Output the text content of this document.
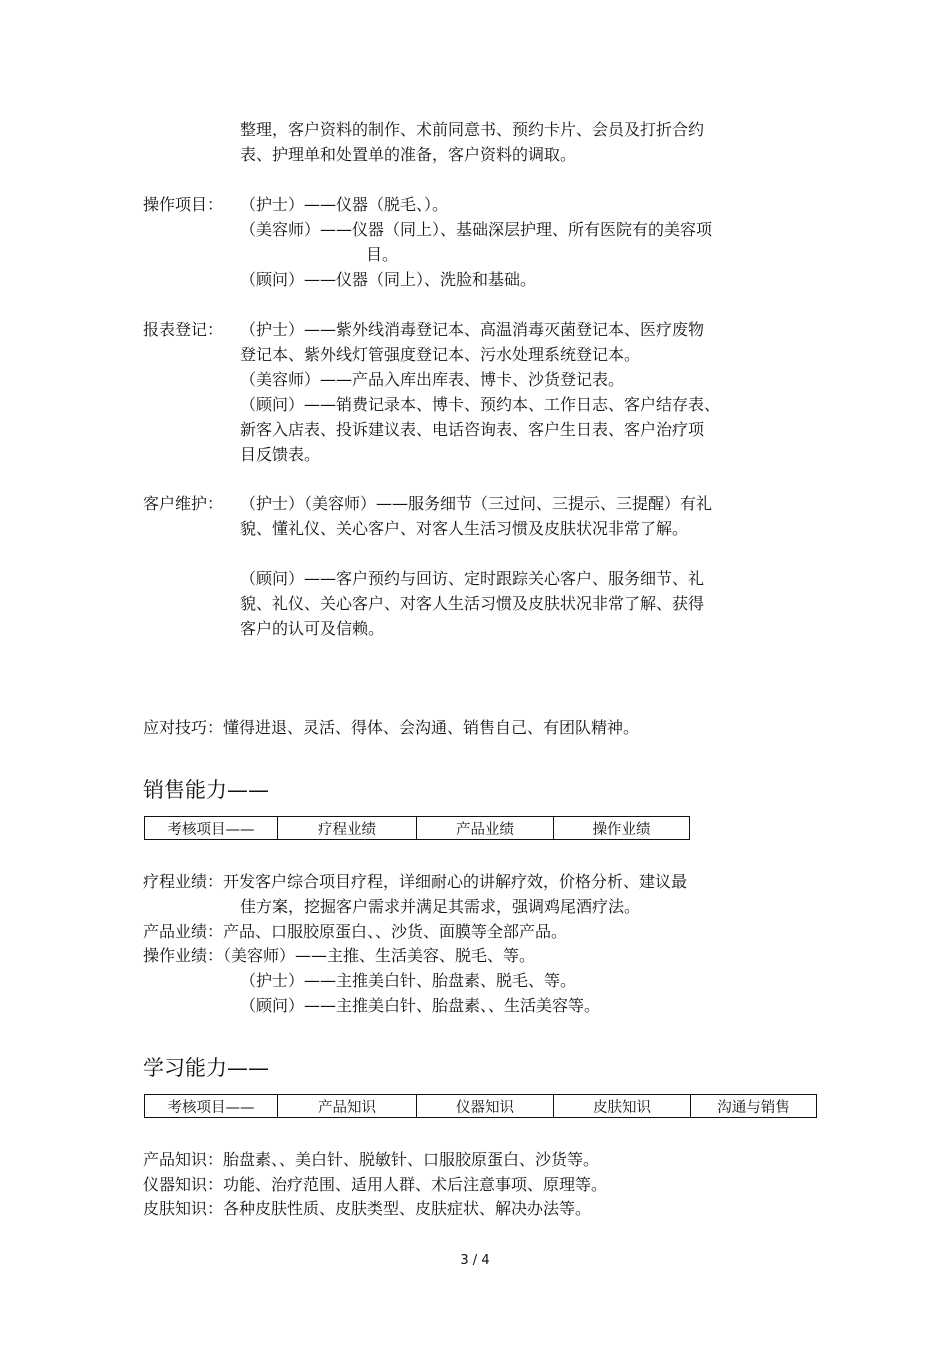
整理，客户资料的制作、术前同意书、预约卡片、会员及打折合约
表、护理单和处置单的准备，客户资料的调取。
操作项目： （护士）——仪器（脱毛、）。
（美容师）——仪器（同上）、基础深层护理、所有医院有的美容项
目。
（顾问）——仪器（同上）、洗脸和基础。
报表登记： （护士）——紫外线消毒登记本、高温消毒灭菌登记本、医疗废物
登记本、紫外线灯管强度登记本、污水处理系统登记本。
（美容师）——产品入库出库表、博卡、沙货登记表。
（顾问）——销费记录本、博卡、预约本、工作日志、客户结存表、
新客入店表、投诉建议表、电话咨询表、客户生日表、客户治疗项
目反馈表。
客户维护： （护士）（美容师）——服务细节（三过问、三提示、三提醒）有礼
貌、懂礼仪、关心客户、对客人生活习惯及皮肤状况非常了解。
（顾问）——客户预约与回访、定时跟踪关心客户、服务细节、礼
貌、礼仪、关心客户、对客人生活习惯及皮肤状况非常了解、获得
客户的认可及信赖。
应对技巧：懂得进退、灵活、得体、会沟通、销售自己、有团队精神。
销售能力——
考核项目——	疗程业绩	产品业绩	操作业绩
疗程业绩：开发客户综合项目疗程，详细耐心的讲解疗效，价格分析、建议最
佳方案，挖掘客户需求并满足其需求，强调鸡尾酒疗法。
产品业绩：产品、口服胶原蛋白、、沙货、面膜等全部产品。
操作业绩：（美容师）——主推、生活美容、脱毛、等。
（护士）——主推美白针、胎盘素、脱毛、等。
（顾问）——主推美白针、胎盘素、、生活美容等。
学习能力——
考核项目——	产品知识	仪器知识	皮肤知识	沟通与销售
产品知识：胎盘素、、美白针、脱敏针、口服胶原蛋白、沙货等。
仪器知识：功能、治疗范围、适用人群、术后注意事项、原理等。
皮肤知识：各种皮肤性质、皮肤类型、皮肤症状、解决办法等。
3 / 4
